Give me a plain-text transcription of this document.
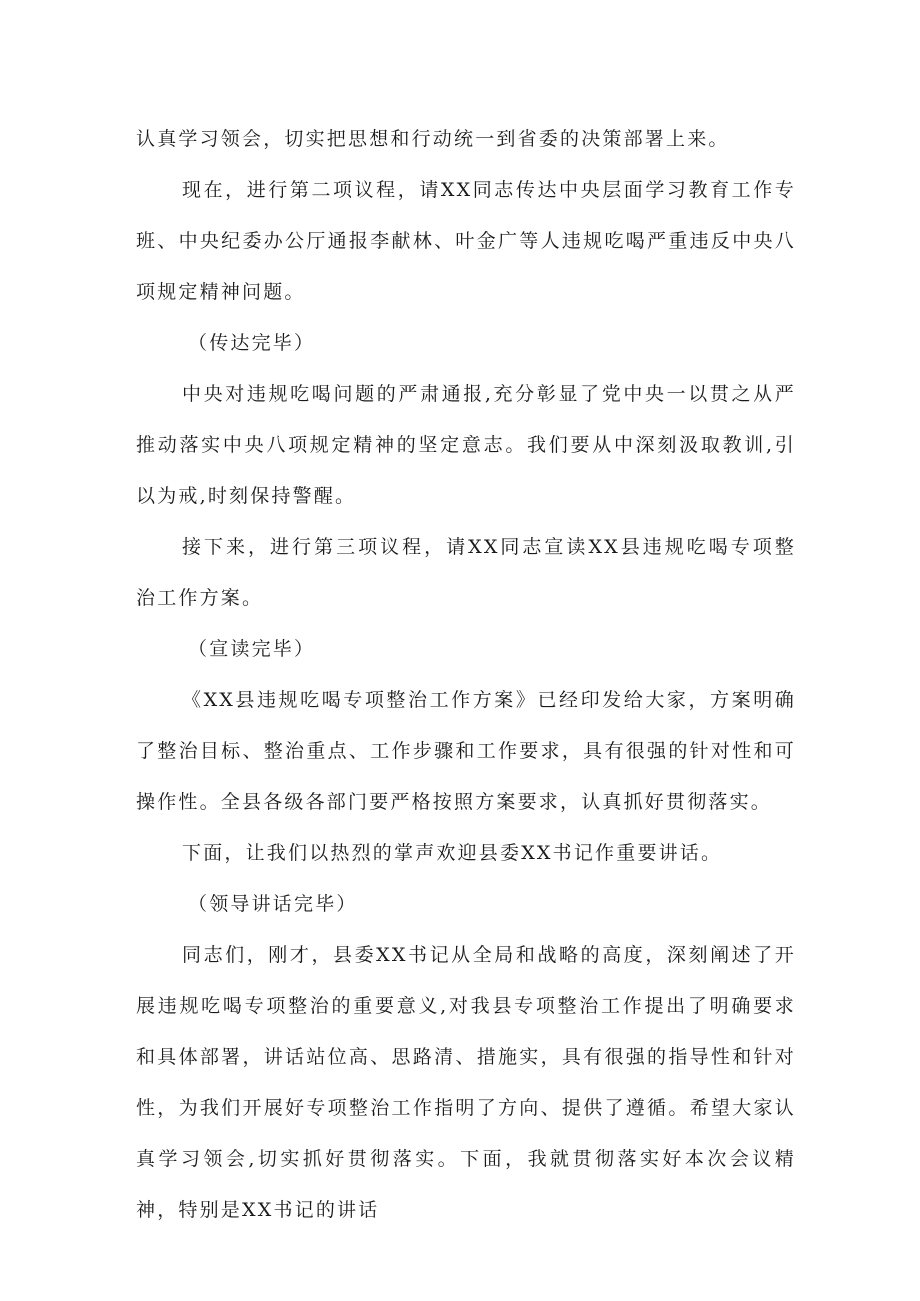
认真学习领会，切实把思想和行动统一到省委的决策部署上来。

现在，进行第二项议程，请XX同志传达中央层面学习教育工作专班、中央纪委办公厅通报李献林、叶金广等人违规吃喝严重违反中央八项规定精神问题。

（传达完毕）

中央对违规吃喝问题的严肃通报,充分彰显了党中央一以贯之从严推动落实中央八项规定精神的坚定意志。我们要从中深刻汲取教训,引以为戒,时刻保持警醒。

接下来，进行第三项议程，请XX同志宣读XX县违规吃喝专项整治工作方案。

（宣读完毕）

《XX县违规吃喝专项整治工作方案》已经印发给大家，方案明确了整治目标、整治重点、工作步骤和工作要求，具有很强的针对性和可操作性。全县各级各部门要严格按照方案要求，认真抓好贯彻落实。

下面，让我们以热烈的掌声欢迎县委XX书记作重要讲话。

（领导讲话完毕）

同志们，刚才，县委XX书记从全局和战略的高度，深刻阐述了开展违规吃喝专项整治的重要意义,对我县专项整治工作提出了明确要求和具体部署，讲话站位高、思路清、措施实，具有很强的指导性和针对性，为我们开展好专项整治工作指明了方向、提供了遵循。希望大家认真学习领会,切实抓好贯彻落实。下面，我就贯彻落实好本次会议精神，特别是XX书记的讲话
